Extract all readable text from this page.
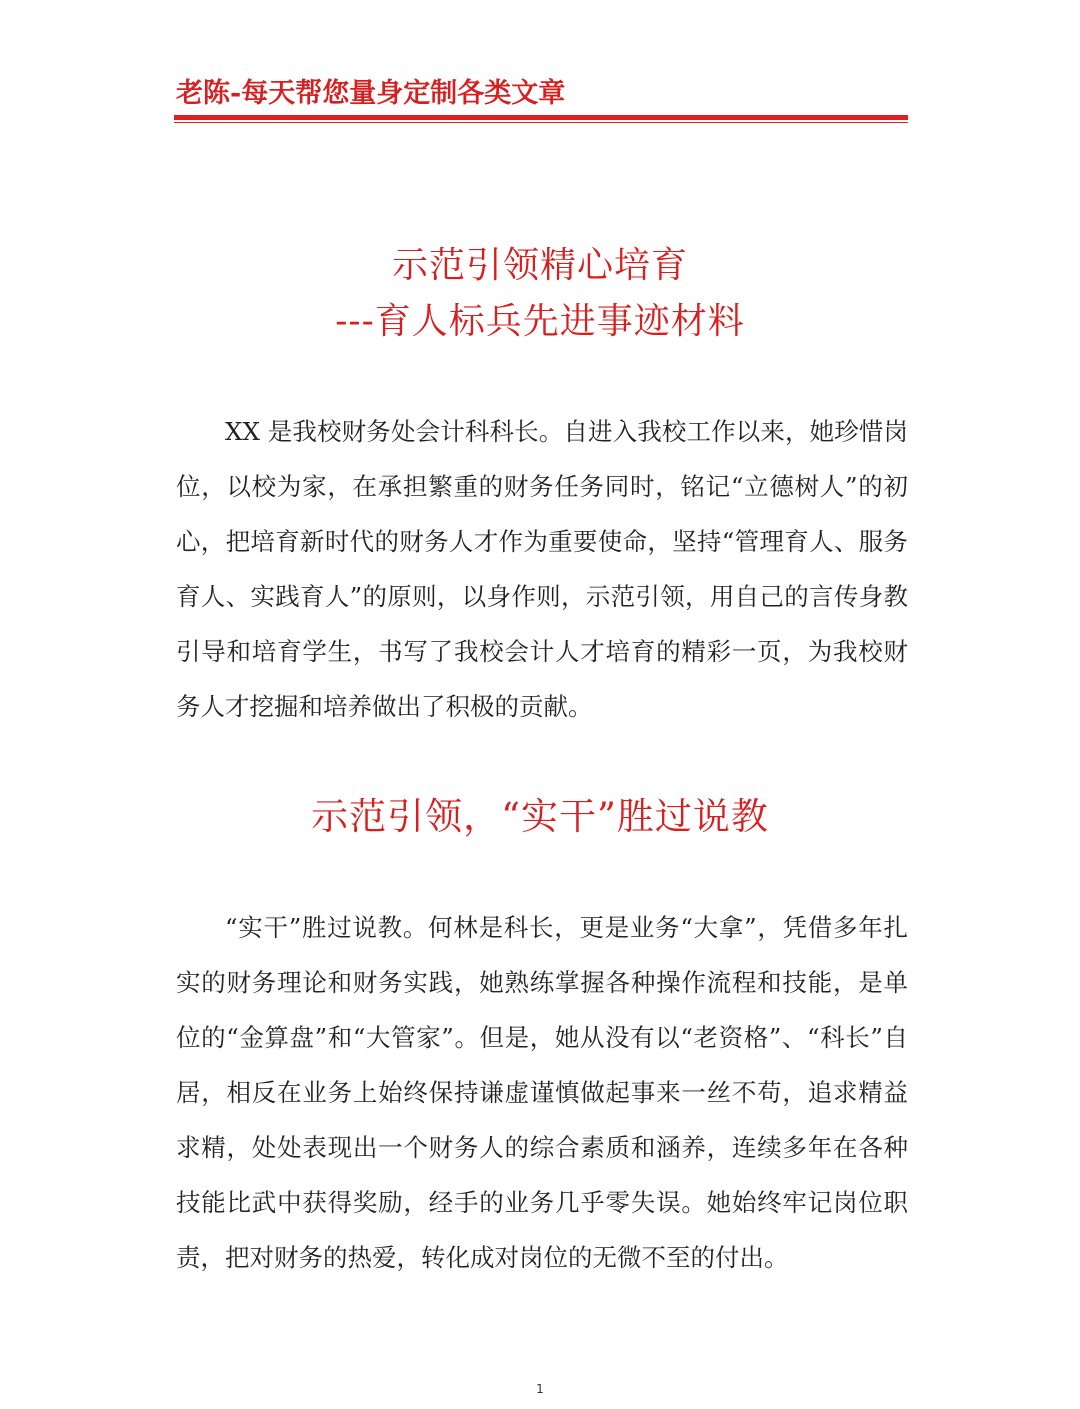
老陈-每天帮您量身定制各类文章
示范引领精心培育
---育人标兵先进事迹材料

XX 是我校财务处会计科科长。自进入我校工作以来，她珍惜岗位，以校为家，在承担繁重的财务任务同时，铭记“立德树人”的初心，把培育新时代的财务人才作为重要使命，坚持“管理育人、服务育人、实践育人”的原则，以身作则，示范引领，用自己的言传身教引导和培育学生，书写了我校会计人才培育的精彩一页，为我校财务人才挖掘和培养做出了积极的贡献。

示范引领，“实干”胜过说教

“实干”胜过说教。何林是科长，更是业务“大拿”，凭借多年扎实的财务理论和财务实践，她熟练掌握各种操作流程和技能，是单位的“金算盘”和“大管家”。但是，她从没有以“老资格”、“科长”自居，相反在业务上始终保持谦虚谨慎做起事来一丝不苟，追求精益求精，处处表现出一个财务人的综合素质和涵养，连续多年在各种技能比武中获得奖励，经手的业务几乎零失误。她始终牢记岗位职责，把对财务的热爱，转化成对岗位的无微不至的付出。

1
